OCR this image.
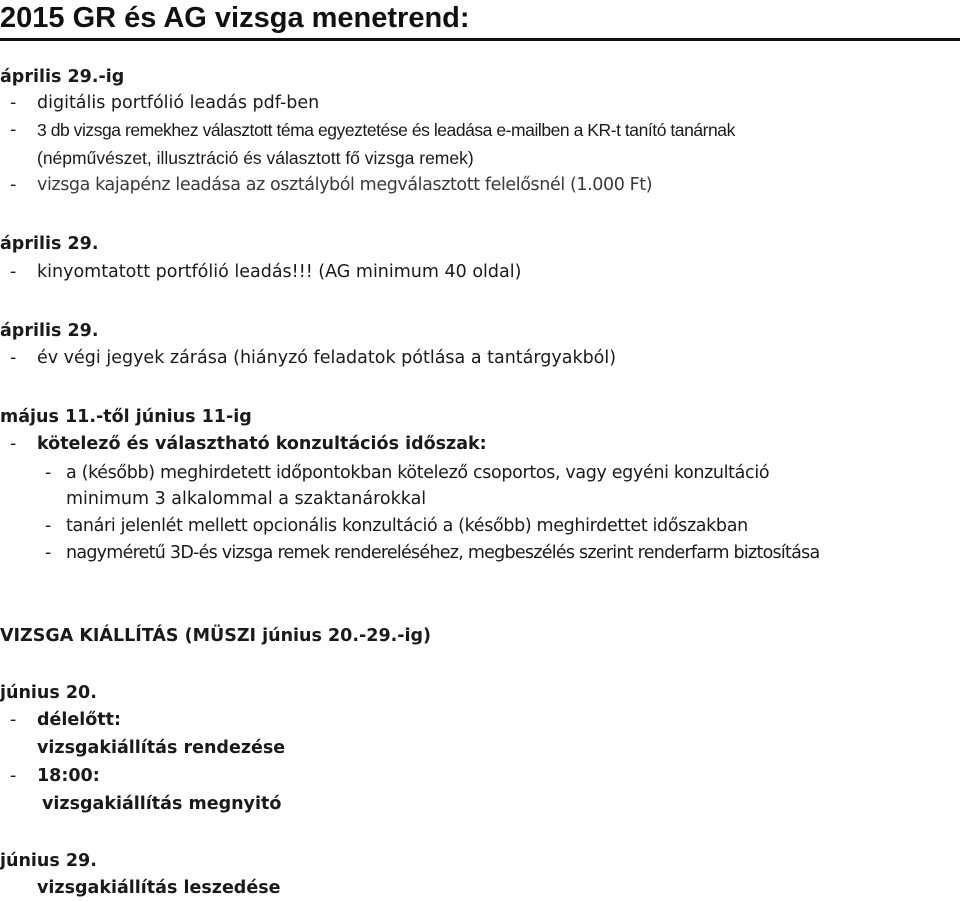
2015 GR és AG vizsga menetrend:
április 29.-ig
- digitális portfólió leadás pdf-ben
- 3 db vizsga remekhez választott téma egyeztetése és leadása e-mailben a KR-t tanító tanárnak
(népművészet, illusztráció és választott fő vizsga remek)
- vizsga kajapénz leadása az osztályból megválasztott felelősnél (1.000 Ft)
április 29.
- kinyomtatott portfólió leadás!!! (AG minimum 40 oldal)
április 29.
- év végi jegyek zárása (hiányzó feladatok pótlása a tantárgyakból)
május 11.-től június 11-ig
- kötelező és választható konzultációs időszak:
- a (később) meghirdetett időpontokban kötelező csoportos, vagy egyéni konzultáció
minimum 3 alkalommal a szaktanárokkal
- tanári jelenlét mellett opcionális konzultáció a (később) meghirdettet időszakban
- nagyméretű 3D-és vizsga remek rendereléséhez, megbeszélés szerint renderfarm biztosítása
VIZSGA KIÁLLÍTÁS (MÜSZI június 20.-29.-ig)
június 20.
- délelőtt:
vizsgakiállítás rendezése
- 18:00:
vizsgakiállítás megnyitó
június 29.
vizsgakiállítás leszedése
